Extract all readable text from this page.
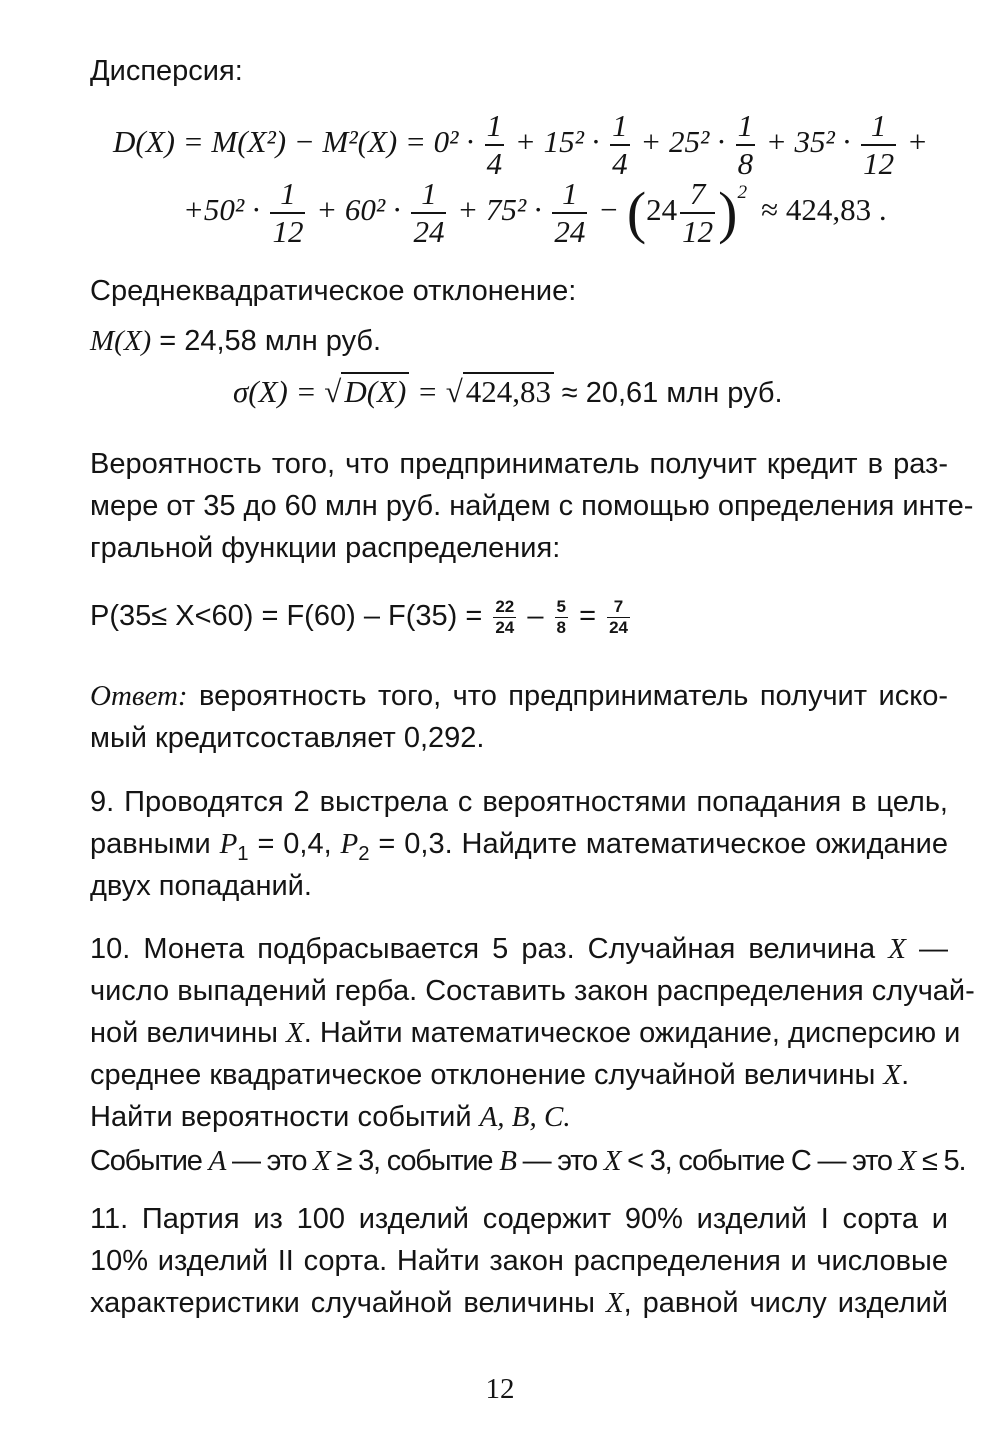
Дисперсия:
$D(X) = M(X^2) - M^2(X) = 0^2 \cdot \frac{1}{4} + 15^2 \cdot \frac{1}{4} + 25^2 \cdot \frac{1}{8} + 35^2 \cdot \frac{1}{12}$ +
$+50^2 \cdot \frac{1}{12} + 60^2 \cdot \frac{1}{24} + 75^2 \cdot \frac{1}{24} - (24 \frac{7}{12} )^2 \approx 424,83$ .
Среднеквадратическое отклонение:
M(X) = 24,58 млн руб.
σ(X) = √D(X) = √424,83 ≈ 20,61 млн руб.
Вероятность того, что предприниматель получит кредит в раз-
мере от 35 до 60 млн руб. найдем с помощью определения инте-
гральной функции распределения:
$P(35\le X<60) = F(60) - F(35) = \frac{22}{24} - \frac{5}{8} = \frac{7}{24}$
Ответ: вероятность того, что предприниматель получит иско-
мый кредитсоставляет 0,292.
9. Проводятся 2 выстрела с вероятностями попадания в цель,
равными $P_1 = 0,4$, $P_2 = 0,3$. Найдите математическое ожидание
двух попаданий.
10. Монета подбрасывается 5 раз. Случайная величина X —
число выпадений герба. Составить закон распределения случай-
ной величины X. Найти математическое ожидание, дисперсию и
среднее квадратическое отклонение случайной величины X.
Найти вероятности событий A, B, C.
Событие A — это X ≥ 3, событие B — это X < 3, событие С — это X ≤ 5.
11. Партия из 100 изделий содержит 90% изделий I сорта и
10% изделий II сорта. Найти закон распределения и числовые
характеристики случайной величины X, равной числу изделий
12
